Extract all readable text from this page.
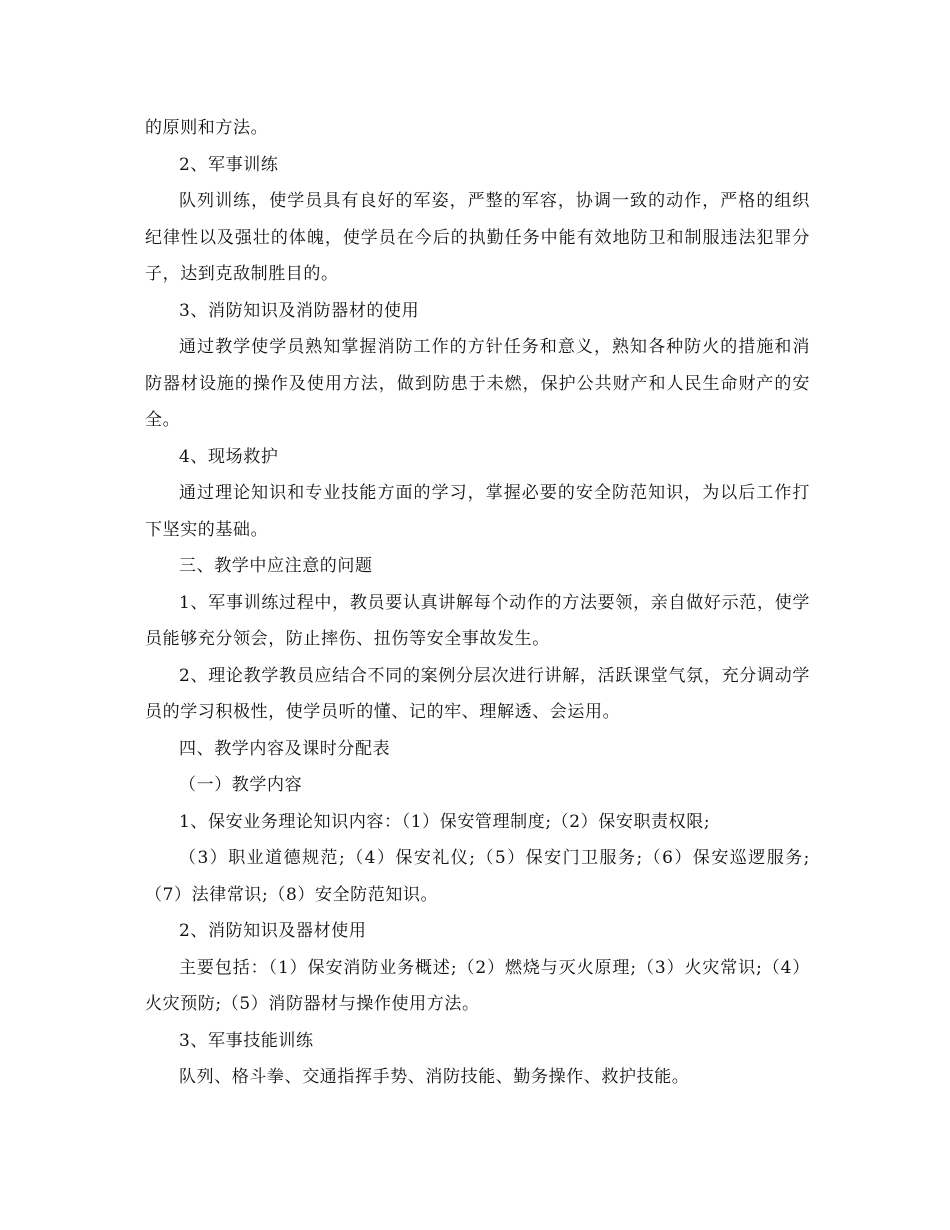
的原则和方法。

2、军事训练

队列训练，使学员具有良好的军姿，严整的军容，协调一致的动作，严格的组织纪律性以及强壮的体魄，使学员在今后的执勤任务中能有效地防卫和制服违法犯罪分子，达到克敌制胜目的。

3、消防知识及消防器材的使用

通过教学使学员熟知掌握消防工作的方针任务和意义，熟知各种防火的措施和消防器材设施的操作及使用方法，做到防患于未燃，保护公共财产和人民生命财产的安全。

4、现场救护

通过理论知识和专业技能方面的学习，掌握必要的安全防范知识，为以后工作打下坚实的基础。

三、教学中应注意的问题

1、军事训练过程中，教员要认真讲解每个动作的方法要领，亲自做好示范，使学员能够充分领会，防止摔伤、扭伤等安全事故发生。

2、理论教学教员应结合不同的案例分层次进行讲解，活跃课堂气氛，充分调动学员的学习积极性，使学员听的懂、记的牢、理解透、会运用。

四、教学内容及课时分配表

（一）教学内容

1、保安业务理论知识内容：（1）保安管理制度;（2）保安职责权限;

（3）职业道德规范;（4）保安礼仪;（5）保安门卫服务;（6）保安巡逻服务;（7）法律常识;（8）安全防范知识。

2、消防知识及器材使用

主要包括：（1）保安消防业务概述;（2）燃烧与灭火原理;（3）火灾常识;（4）火灾预防;（5）消防器材与操作使用方法。

3、军事技能训练

队列、格斗拳、交通指挥手势、消防技能、勤务操作、救护技能。
